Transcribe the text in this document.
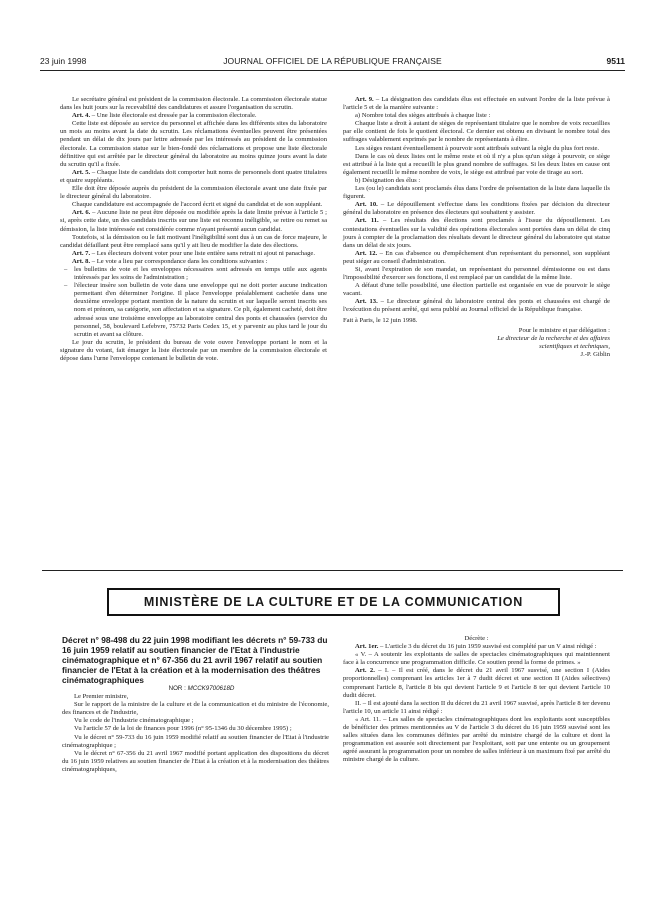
23 juin 1998	JOURNAL OFFICIEL DE LA RÉPUBLIQUE FRANÇAISE	9511

Le secrétaire général est président de la commission électorale. La commission électorale statue dans les huit jours sur la recevabilité des candidatures et assure l'organisation du scrutin.

Art. 4. – Une liste électorale est dressée par la commission électorale.

Cette liste est déposée au service du personnel et affichée dans les différents sites du laboratoire un mois au moins avant la date du scrutin. Les réclamations éventuelles peuvent être présentées pendant un délai de dix jours par lettre adressée par les intéressés au président de la commission électorale. La commission statue sur le bien-fondé des réclamations et propose une liste électorale définitive qui est arrêtée par le directeur général du laboratoire au moins quinze jours avant la date du scrutin qu'il a fixée.

Art. 5. – Chaque liste de candidats doit comporter huit noms de personnels dont quatre titulaires et quatre suppléants.

Elle doit être déposée auprès du président de la commission électorale avant une date fixée par le directeur général du laboratoire.

Chaque candidature est accompagnée de l'accord écrit et signé du candidat et de son suppléant.

Art. 6. – Aucune liste ne peut être déposée ou modifiée après la date limite prévue à l'article 5 ; si, après cette date, un des candidats inscrits sur une liste est reconnu inéligible, se retire ou remet sa démission, la liste intéressée est considérée comme n'ayant présenté aucun candidat.

Toutefois, si la démission ou le fait motivant l'inéligibilité sont dus à un cas de force majeure, le candidat défaillant peut être remplacé sans qu'il y ait lieu de modifier la date des élections.

Art. 7. – Les électeurs doivent voter pour une liste entière sans retrait ni ajout ni panachage.

Art. 8. – Le vote a lieu par correspondance dans les conditions suivantes :

– les bulletins de vote et les enveloppes nécessaires sont adressés en temps utile aux agents intéressés par les soins de l'administration ;

– l'électeur insère son bulletin de vote dans une enveloppe qui ne doit porter aucune indication permettant d'en déterminer l'origine. Il place l'enveloppe préalablement cachetée dans une deuxième enveloppe portant mention de la nature du scrutin et sur laquelle seront inscrits ses nom et prénom, sa catégorie, son affectation et sa signature. Ce pli, également cacheté, doit être adressé sous une troisième enveloppe au laboratoire central des ponts et chaussées (service du personnel, 58, boulevard Lefebvre, 75732 Paris Cedex 15, et y parvenir au plus tard le jour du scrutin et avant sa clôture.

Le jour du scrutin, le président du bureau de vote ouvre l'enveloppe portant le nom et la signature du votant, fait émarger la liste électorale par un membre de la commission électorale et dépose dans l'urne l'enveloppe contenant le bulletin de vote.

Art. 9. – La désignation des candidats élus est effectuée en suivant l'ordre de la liste prévue à l'article 5 et de la manière suivante :

a) Nombre total des sièges attribués à chaque liste :

Chaque liste a droit à autant de sièges de représentant titulaire que le nombre de voix recueillies par elle contient de fois le quotient électoral. Ce dernier est obtenu en divisant le nombre total des suffrages valablement exprimés par le nombre de représentants à élire.

Les sièges restant éventuellement à pourvoir sont attribués suivant la règle du plus fort reste.

Dans le cas où deux listes ont le même reste et où il n'y a plus qu'un siège à pourvoir, ce siège est attribué à la liste qui a recueilli le plus grand nombre de suffrages. Si les deux listes en cause ont également recueilli le même nombre de voix, le siège est attribué par voie de tirage au sort.

b) Désignation des élus :

Les (ou le) candidats sont proclamés élus dans l'ordre de présentation de la liste dans laquelle ils figurent.

Art. 10. – Le dépouillement s'effectue dans les conditions fixées par décision du directeur général du laboratoire en présence des électeurs qui souhaitent y assister.

Art. 11. – Les résultats des élections sont proclamés à l'issue du dépouillement. Les contestations éventuelles sur la validité des opérations électorales sont portées dans un délai de cinq jours à compter de la proclamation des résultats devant le directeur général du laboratoire qui statue dans un délai de six jours.

Art. 12. – En cas d'absence ou d'empêchement d'un représentant du personnel, son suppléant peut siéger au conseil d'administration.

Si, avant l'expiration de son mandat, un représentant du personnel démissionne ou est dans l'impossibilité d'exercer ses fonctions, il est remplacé par un candidat de la même liste.

A défaut d'une telle possibilité, une élection partielle est organisée en vue de pourvoir le siège vacant.

Art. 13. – Le directeur général du laboratoire central des ponts et chaussées est chargé de l'exécution du présent arrêté, qui sera publié au Journal officiel de la République française.

Fait à Paris, le 12 juin 1998.

Pour le ministre et par délégation :

Le directeur de la recherche et des affaires

scientifiques et techniques,

J.-P. Giblin

MINISTÈRE DE LA CULTURE ET DE LA COMMUNICATION

Décret n° 98-498 du 22 juin 1998 modifiant les décrets n° 59-733 du 16 juin 1959 relatif au soutien financier de l'Etat à l'industrie cinématographique et n° 67-356 du 21 avril 1967 relatif au soutien financier de l'Etat à la création et à la modernisation des théâtres cinématographiques

NOR : MCCK9700618D

Le Premier ministre,

Sur le rapport de la ministre de la culture et de la communication et du ministre de l'économie, des finances et de l'industrie,

Vu le code de l'industrie cinématographique ;

Vu l'article 57 de la loi de finances pour 1996 (n° 95-1346 du 30 décembre 1995) ;

Vu le décret n° 59-733 du 16 juin 1959 modifié relatif au soutien financier de l'Etat à l'industrie cinématographique ;

Vu le décret n° 67-356 du 21 avril 1967 modifié portant application des dispositions du décret du 16 juin 1959 relatives au soutien financier de l'Etat à la création et à la modernisation des théâtres cinématographiques,

Décrète :

Art. 1er. – L'article 3 du décret du 16 juin 1959 susvisé est complété par un V ainsi rédigé :

« V. – A soutenir les exploitants de salles de spectacles cinématographiques qui maintiennent face à la concurrence une programmation difficile. Ce soutien prend la forme de primes. »

Art. 2. – I. – Il est créé, dans le décret du 21 avril 1967 susvisé, une section I (Aides proportionnelles) comprenant les articles 1er à 7 dudit décret et une section II (Aides sélectives) comprenant l'article 8, l'article 8 bis qui devient l'article 9 et l'article 8 ter qui devient l'article 10 dudit décret.

II. – Il est ajouté dans la section II du décret du 21 avril 1967 susvisé, après l'article 8 ter devenu l'article 10, un article 11 ainsi rédigé :

« Art. 11. – Les salles de spectacles cinématographiques dont les exploitants sont susceptibles de bénéficier des primes mentionnées au V de l'article 3 du décret du 16 juin 1959 susvisé sont les salles situées dans les communes définies par arrêté du ministre chargé de la culture et dont la programmation est assurée soit directement par l'exploitant, soit par une entente ou un groupement agréé assurant la programmation pour un nombre de salles inférieur à un maximum fixé par arrêté du ministre chargé de la culture.
